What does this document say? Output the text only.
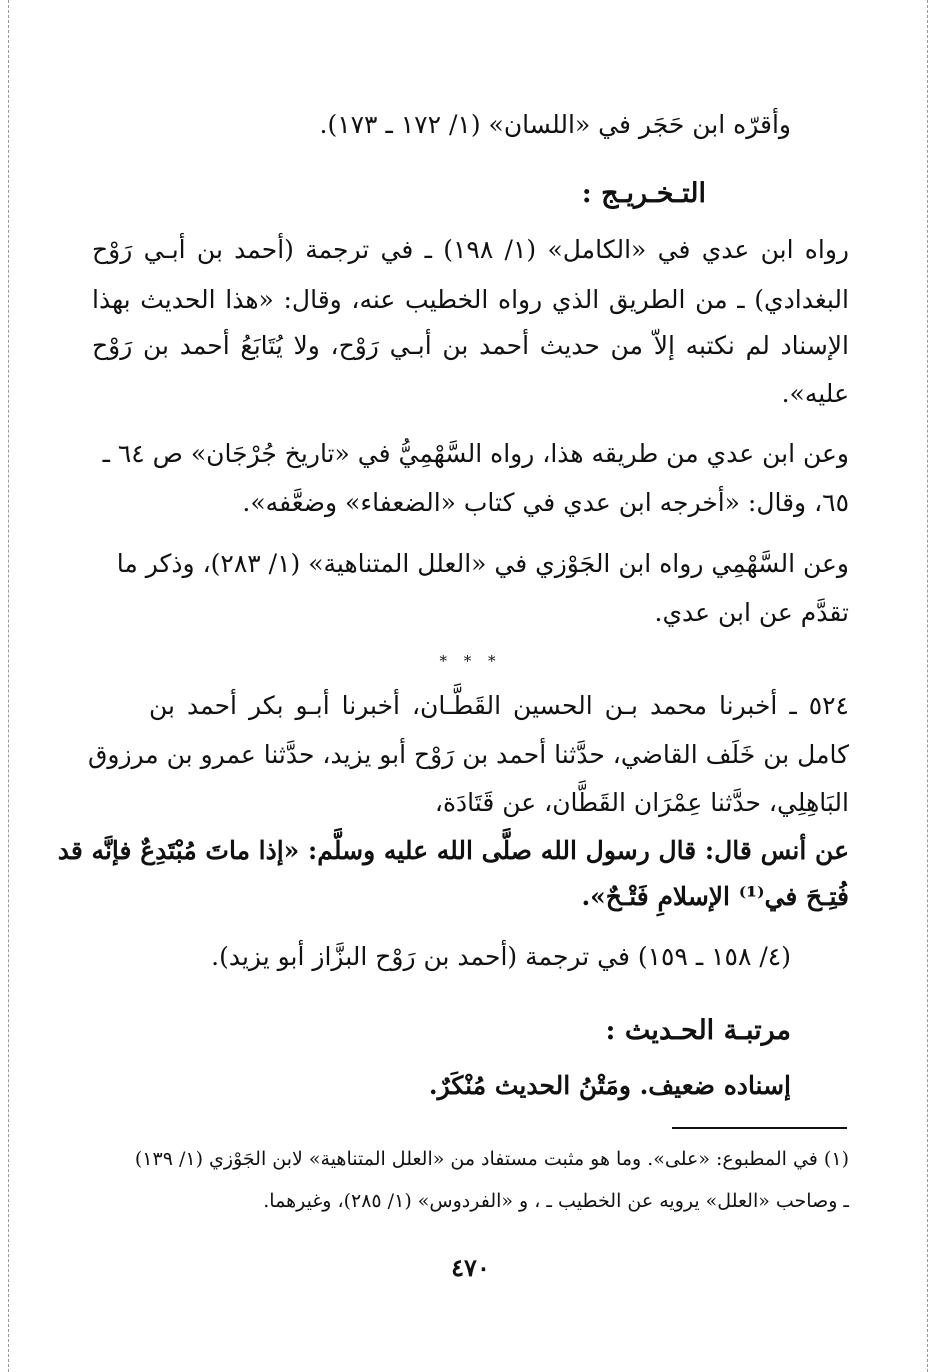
وأقرّه ابن حَجَر في «اللسان» (١/ ١٧٢ ـ ١٧٣).
التـخـريـج :
رواه ابن عدي في «الكامل» (١/ ١٩٨) ـ في ترجمة (أحمد بن أبـي رَوْح
البغدادي) ـ من الطريق الذي رواه الخطيب عنه، وقال: «هذا الحديث بهذا
الإسناد لم نكتبه إلاّ من حديث أحمد بن أبـي رَوْح، ولا يُتَابَعُ أحمد بن رَوْح
عليه».
وعن ابن عدي من طريقه هذا، رواه السَّهْمِيُّ في «تاريخ جُرْجَان» ص ٦٤ ـ
٦٥، وقال: «أخرجه ابن عدي في كتاب «الضعفاء» وضعَّفه».
وعن السَّهْمِي رواه ابن الجَوْزي في «العلل المتناهية» (١/ ٢٨٣)، وذكر ما
تقدَّم عن ابن عدي.
* * *
٥٢٤ ـ أخبرنا محمد بـن الحسين القَطَّـان، أخبرنا أبـو بكر أحمد بن
كامل بن خَلَف القاضي، حدَّثنا أحمد بن رَوْح أبو يزيد، حدَّثنا عمرو بن مرزوق
البَاهِلِي، حدَّثنا عِمْرَان القَطَّان، عن قَتَادَة،
عن أنس قال: قال رسول الله صلَّى الله عليه وسلَّم: «إذا ماتَ مُبْتَدِعٌ فإنَّه قد
فُتِـحَ في⁽¹⁾ الإسلامِ فَتْـحٌ».
(٤/ ١٥٨ ـ ١٥٩) في ترجمة (أحمد بن رَوْح البزَّاز أبو يزيد).
مرتبـة الحـديث :
إسناده ضعيف. ومَتْنُ الحديث مُنْكَرٌ.
(١) في المطبوع: «على». وما هو مثبت مستفاد من «العلل المتناهية» لابن الجَوْزي (١/ ١٣٩)
ـ وصاحب «العلل» يرويه عن الخطيب ـ ، و «الفردوس» (١/ ٢٨٥)، وغيرهما.
٤٧٠
